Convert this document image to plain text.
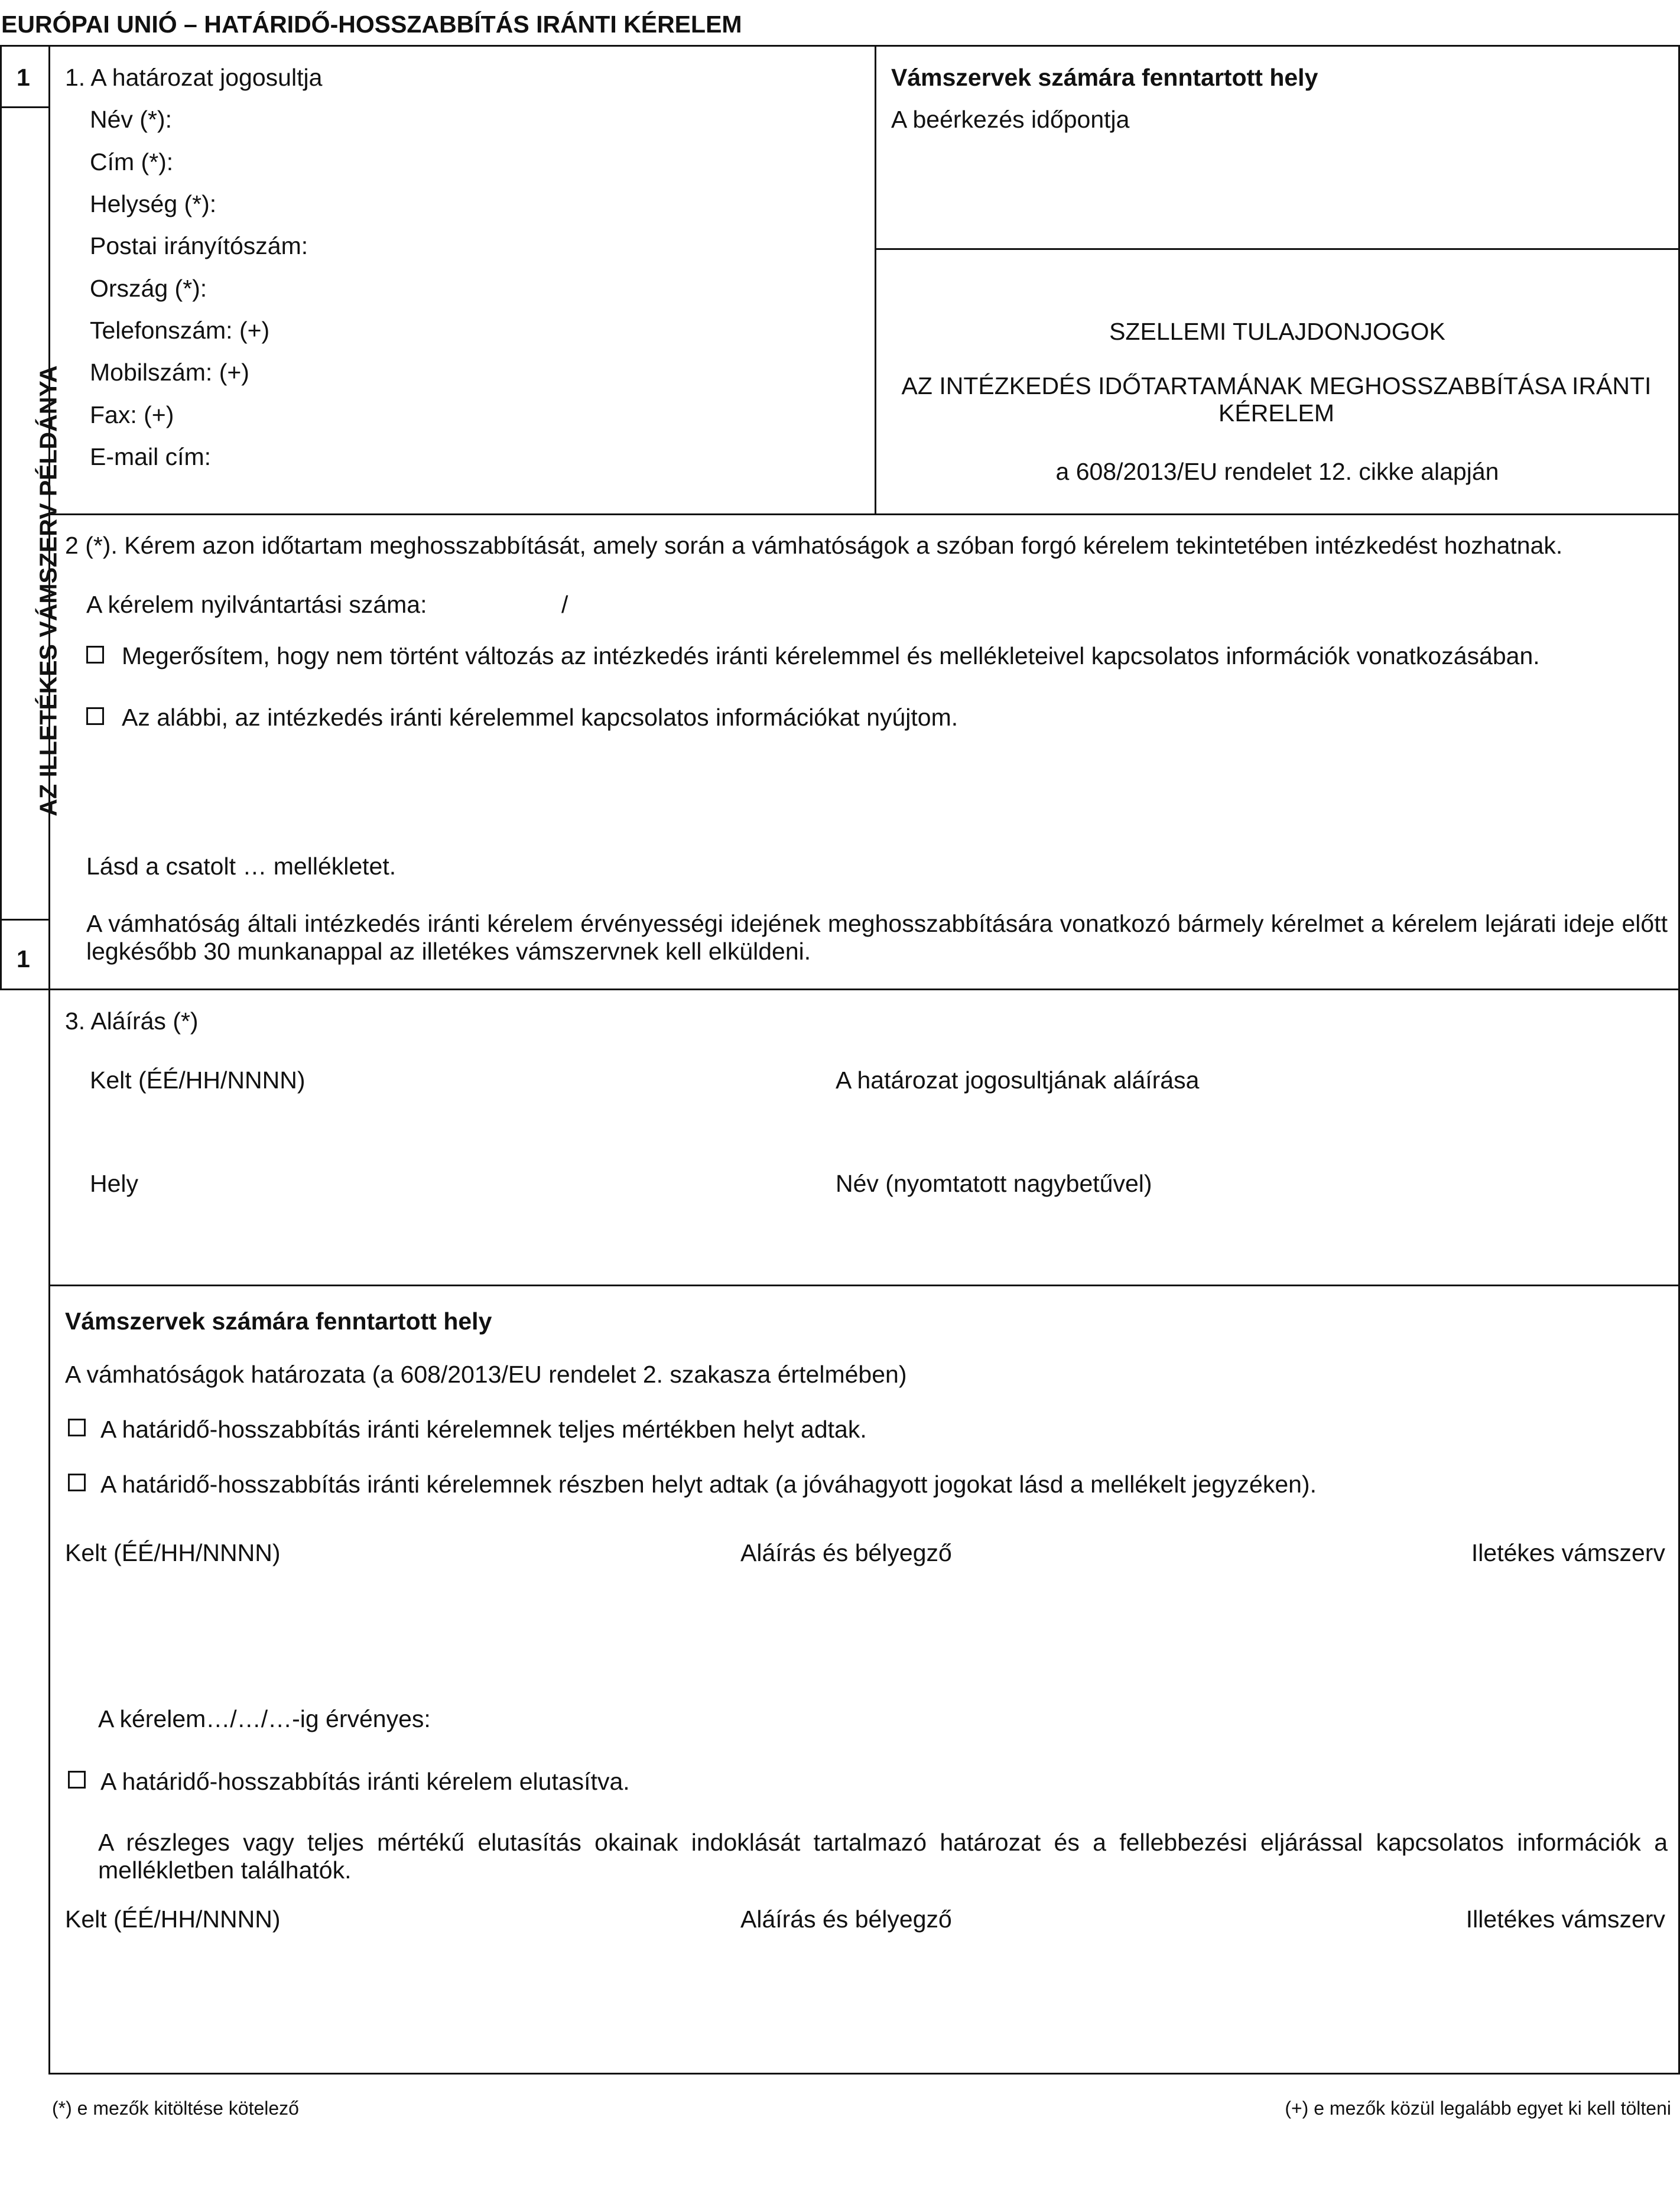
EURÓPAI UNIÓ – HATÁRIDŐ-HOSSZABBÍTÁS IRÁNTI KÉRELEM
1
AZ ILLETÉKES VÁMSZERV PÉLDÁNYA
1
1. A határozat jogosultja
Név (*):
Cím (*):
Helység (*):
Postai irányítószám:
Ország (*):
Telefonszám: (+)
Mobilszám: (+)
Fax: (+)
E-mail cím:
Vámszervek számára fenntartott hely
A beérkezés időpontja
SZELLEMI TULAJDONJOGOK
AZ INTÉZKEDÉS IDŐTARTAMÁNAK MEGHOSSZABBÍTÁSA IRÁNTI KÉRELEM
a 608/2013/EU rendelet 12. cikke alapján
2 (*). Kérem azon időtartam meghosszabbítását, amely során a vámhatóságok a szóban forgó kérelem tekintetében intézkedést hozhatnak.
A kérelem nyilvántartási száma:	/
Megerősítem, hogy nem történt változás az intézkedés iránti kérelemmel és mellékleteivel kapcsolatos információk vonatkozásában.
Az alábbi, az intézkedés iránti kérelemmel kapcsolatos információkat nyújtom.
Lásd a csatolt … mellékletet.
A vámhatóság általi intézkedés iránti kérelem érvényességi idejének meghosszabbítására vonatkozó bármely kérelmet a kérelem lejárati ideje előtt legkésőbb 30 munkanappal az illetékes vámszervnek kell elküldeni.
3. Aláírás (*)
Kelt (ÉÉ/HH/NNNN)	A határozat jogosultjának aláírása
Hely	Név (nyomtatott nagybetűvel)
Vámszervek számára fenntartott hely
A vámhatóságok határozata (a 608/2013/EU rendelet 2. szakasza értelmében)
A határidő-hosszabbítás iránti kérelemnek teljes mértékben helyt adtak.
A határidő-hosszabbítás iránti kérelemnek részben helyt adtak (a jóváhagyott jogokat lásd a mellékelt jegyzéken).
Kelt (ÉÉ/HH/NNNN)	Aláírás és bélyegző	Iletékes vámszerv
A kérelem…/…/…-ig érvényes:
A határidő-hosszabbítás iránti kérelem elutasítva.
A részleges vagy teljes mértékű elutasítás okainak indoklását tartalmazó határozat és a fellebbezési eljárással kapcsolatos információk a mellékletben találhatók.
Kelt (ÉÉ/HH/NNNN)	Aláírás és bélyegző	Illetékes vámszerv
(*) e mezők kitöltése kötelező	(+) e mezők közül legalább egyet ki kell tölteni
